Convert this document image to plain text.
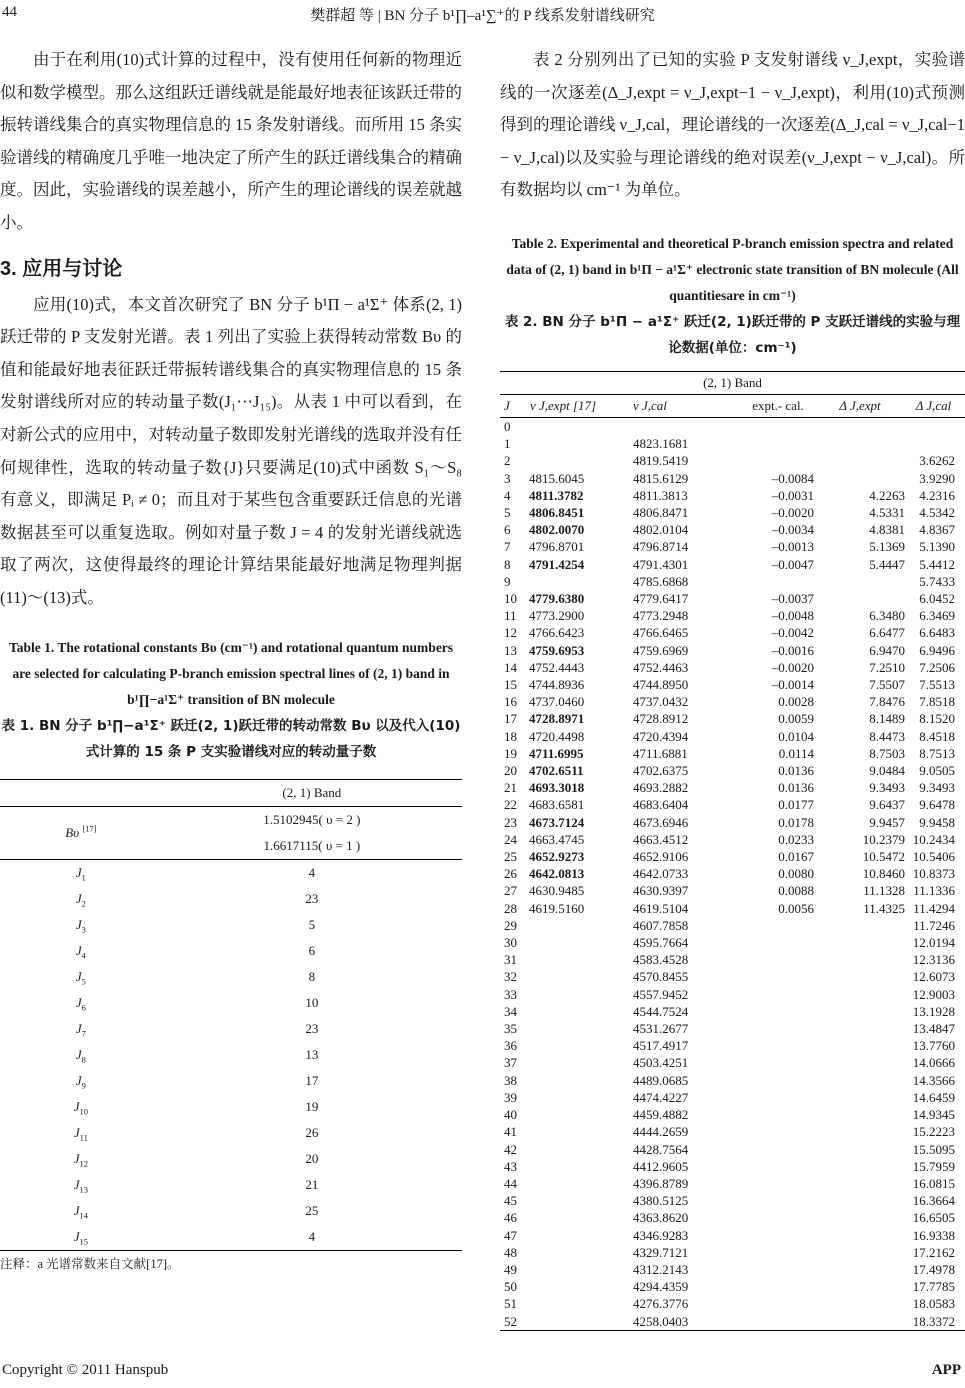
44	樊群超 等 | BN 分子 b¹∏–a¹∑⁺的 P 线系发射谱线研究

由于在利用(10)式计算的过程中，没有使用任何新的物理近似和数学模型。那么这组跃迁谱线就是能最好地表征该跃迁带的振转谱线集合的真实物理信息的 15 条发射谱线。而所用 15 条实验谱线的精确度几乎唯一地决定了所产生的跃迁谱线集合的精确度。因此，实验谱线的误差越小，所产生的理论谱线的误差就越小。

3. 应用与讨论

应用(10)式，本文首次研究了 BN 分子 b¹Π − a¹Σ⁺ 体系(2, 1)跃迁带的 P 支发射光谱。表 1 列出了实验上获得转动常数 Bυ 的值和能最好地表征跃迁带振转谱线集合的真实物理信息的 15 条发射谱线所对应的转动量子数(J₁⋯J₁₅)。从表 1 中可以看到，在对新公式的应用中，对转动量子数即发射光谱线的选取并没有任何规律性，选取的转动量子数{J}只要满足(10)式中函数 S₁～S₈ 有意义，即满足 Pᵢ ≠ 0；而且对于某些包含重要跃迁信息的光谱数据甚至可以重复选取。例如对量子数 J = 4 的发射光谱线就选取了两次，这使得最终的理论计算结果能最好地满足物理判据(11)～(13)式。

Table 1. The rotational constants Bυ (cm⁻¹) and rotational quantum numbers are selected for calculating P-branch emission spectral lines of (2, 1) band in b¹∏−a¹Σ⁺ transition of BN molecule

表 1. BN 分子 b¹∏−a¹Σ⁺ 跃迁(2, 1)跃迁带的转动常数 Bυ 以及代入(10)式计算的 15 条 P 支实验谱线对应的转动量子数

	(2, 1) Band
Bυ [17]	1.5102945( υ = 2 )
	1.6617115( υ = 1 )
$J_1$	4
$J_2$	23
$J_3$	5
$J_4$	6
$J_5$	8
$J_6$	10
$J_7$	23
$J_8$	13
$J_9$	17
$J_{10}$	19
$J_{11}$	26
$J_{12}$	20
$J_{13}$	21
$J_{14}$	25
$J_{15}$	4
注释：a 光谱常数来自文献[17]。

表 2 分别列出了已知的实验 P 支发射谱线 ν_J,expt，实验谱线的一次逐差(Δ_J,expt = ν_J,expt−1 − ν_J,expt)，利用(10)式预测得到的理论谱线 ν_J,cal，理论谱线的一次逐差(Δ_J,cal = ν_J,cal−1 − ν_J,cal)以及实验与理论谱线的绝对误差(ν_J,expt − ν_J,cal)。所有数据均以 cm⁻¹ 为单位。

Table 2. Experimental and theoretical P-branch emission spectra and related data of (2, 1) band in b¹Π − a¹Σ⁺ electronic state transition of BN molecule (All quantitiesare in cm⁻¹)

表 2. BN 分子 b¹Π − a¹Σ⁺ 跃迁(2, 1)跃迁带的 P 支跃迁谱线的实验与理论数据(单位：cm⁻¹)

(2, 1) Band					
J	ν J,expt [17]	ν J,cal	expt.- cal.	Δ J,expt	Δ J,cal
0					
1		4823.1681			
2		4819.5419			3.6262
3	4815.6045	4815.6129	–0.0084		3.9290
4	4811.3782	4811.3813	–0.0031	4.2263	4.2316
5	4806.8451	4806.8471	–0.0020	4.5331	4.5342
6	4802.0070	4802.0104	–0.0034	4.8381	4.8367
7	4796.8701	4796.8714	–0.0013	5.1369	5.1390
8	4791.4254	4791.4301	–0.0047	5.4447	5.4412
9		4785.6868			5.7433
10	4779.6380	4779.6417	–0.0037		6.0452
11	4773.2900	4773.2948	–0.0048	6.3480	6.3469
12	4766.6423	4766.6465	–0.0042	6.6477	6.6483
13	4759.6953	4759.6969	–0.0016	6.9470	6.9496
14	4752.4443	4752.4463	–0.0020	7.2510	7.2506
15	4744.8936	4744.8950	–0.0014	7.5507	7.5513
16	4737.0460	4737.0432	0.0028	7.8476	7.8518
17	4728.8971	4728.8912	0.0059	8.1489	8.1520
18	4720.4498	4720.4394	0.0104	8.4473	8.4518
19	4711.6995	4711.6881	0.0114	8.7503	8.7513
20	4702.6511	4702.6375	0.0136	9.0484	9.0505
21	4693.3018	4693.2882	0.0136	9.3493	9.3493
22	4683.6581	4683.6404	0.0177	9.6437	9.6478
23	4673.7124	4673.6946	0.0178	9.9457	9.9458
24	4663.4745	4663.4512	0.0233	10.2379	10.2434
25	4652.9273	4652.9106	0.0167	10.5472	10.5406
26	4642.0813	4642.0733	0.0080	10.8460	10.8373
27	4630.9485	4630.9397	0.0088	11.1328	11.1336
28	4619.5160	4619.5104	0.0056	11.4325	11.4294
29		4607.7858			11.7246
30		4595.7664			12.0194
31		4583.4528			12.3136
32		4570.8455			12.6073
33		4557.9452			12.9003
34		4544.7524			13.1928
35		4531.2677			13.4847
36		4517.4917			13.7760
37		4503.4251			14.0666
38		4489.0685			14.3566
39		4474.4227			14.6459
40		4459.4882			14.9345
41		4444.2659			15.2223
42		4428.7564			15.5095
43		4412.9605			15.7959
44		4396.8789			16.0815
45		4380.5125			16.3664
46		4363.8620			16.6505
47		4346.9283			16.9338
48		4329.7121			17.2162
49		4312.2143			17.4978
50		4294.4359			17.7785
51		4276.3776			18.0583
52		4258.0403			18.3372
Copyright © 2011 Hanspub	APP
